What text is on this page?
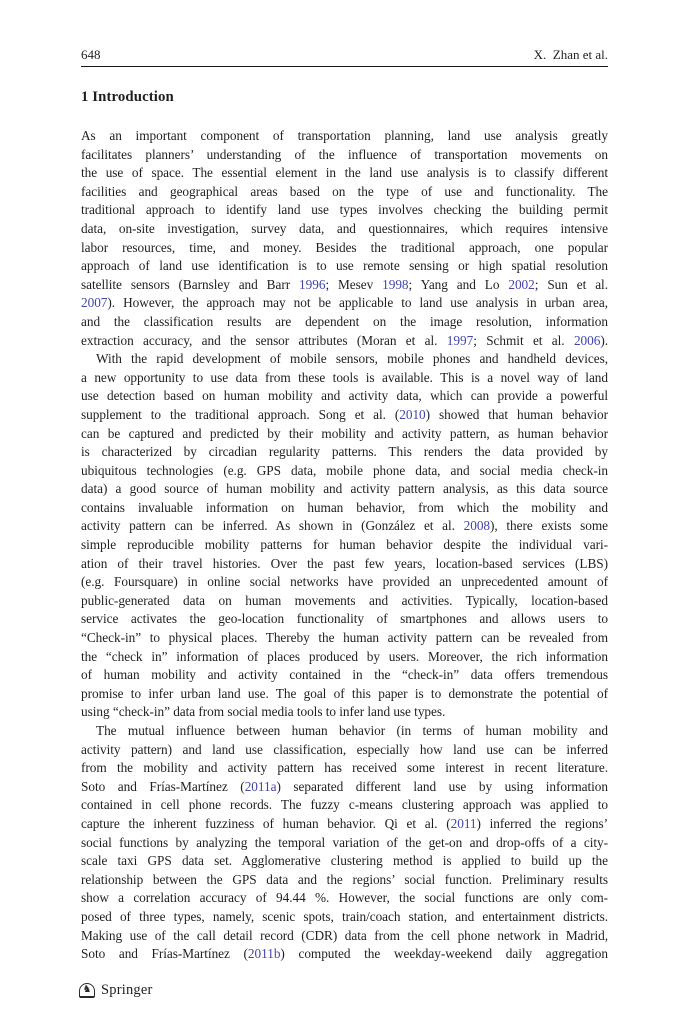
648	X. Zhan et al.
1 Introduction
As an important component of transportation planning, land use analysis greatly
facilitates planners’ understanding of the influence of transportation movements on
the use of space. The essential element in the land use analysis is to classify different
facilities and geographical areas based on the type of use and functionality. The
traditional approach to identify land use types involves checking the building permit
data, on-site investigation, survey data, and questionnaires, which requires intensive
labor resources, time, and money. Besides the traditional approach, one popular
approach of land use identification is to use remote sensing or high spatial resolution
satellite sensors (Barnsley and Barr 1996; Mesev 1998; Yang and Lo 2002; Sun et al.
2007). However, the approach may not be applicable to land use analysis in urban area,
and the classification results are dependent on the image resolution, information
extraction accuracy, and the sensor attributes (Moran et al. 1997; Schmit et al. 2006).
With the rapid development of mobile sensors, mobile phones and handheld devices,
a new opportunity to use data from these tools is available. This is a novel way of land
use detection based on human mobility and activity data, which can provide a powerful
supplement to the traditional approach. Song et al. (2010) showed that human behavior
can be captured and predicted by their mobility and activity pattern, as human behavior
is characterized by circadian regularity patterns. This renders the data provided by
ubiquitous technologies (e.g. GPS data, mobile phone data, and social media check-in
data) a good source of human mobility and activity pattern analysis, as this data source
contains invaluable information on human behavior, from which the mobility and
activity pattern can be inferred. As shown in (González et al. 2008), there exists some
simple reproducible mobility patterns for human behavior despite the individual vari-
ation of their travel histories. Over the past few years, location-based services (LBS)
(e.g. Foursquare) in online social networks have provided an unprecedented amount of
public-generated data on human movements and activities. Typically, location-based
service activates the geo-location functionality of smartphones and allows users to
“Check-in” to physical places. Thereby the human activity pattern can be revealed from
the “check in” information of places produced by users. Moreover, the rich information
of human mobility and activity contained in the “check-in” data offers tremendous
promise to infer urban land use. The goal of this paper is to demonstrate the potential of
using “check-in” data from social media tools to infer land use types.
The mutual influence between human behavior (in terms of human mobility and
activity pattern) and land use classification, especially how land use can be inferred
from the mobility and activity pattern has received some interest in recent literature.
Soto and Frías-Martínez (2011a) separated different land use by using information
contained in cell phone records. The fuzzy c-means clustering approach was applied to
capture the inherent fuzziness of human behavior. Qi et al. (2011) inferred the regions’
social functions by analyzing the temporal variation of the get-on and drop-offs of a city-
scale taxi GPS data set. Agglomerative clustering method is applied to build up the
relationship between the GPS data and the regions’ social function. Preliminary results
show a correlation accuracy of 94.44 %. However, the social functions are only com-
posed of three types, namely, scenic spots, train/coach station, and entertainment districts.
Making use of the call detail record (CDR) data from the cell phone network in Madrid,
Soto and Frías-Martínez (2011b) computed the weekday-weekend daily aggregation
♞ Springer
